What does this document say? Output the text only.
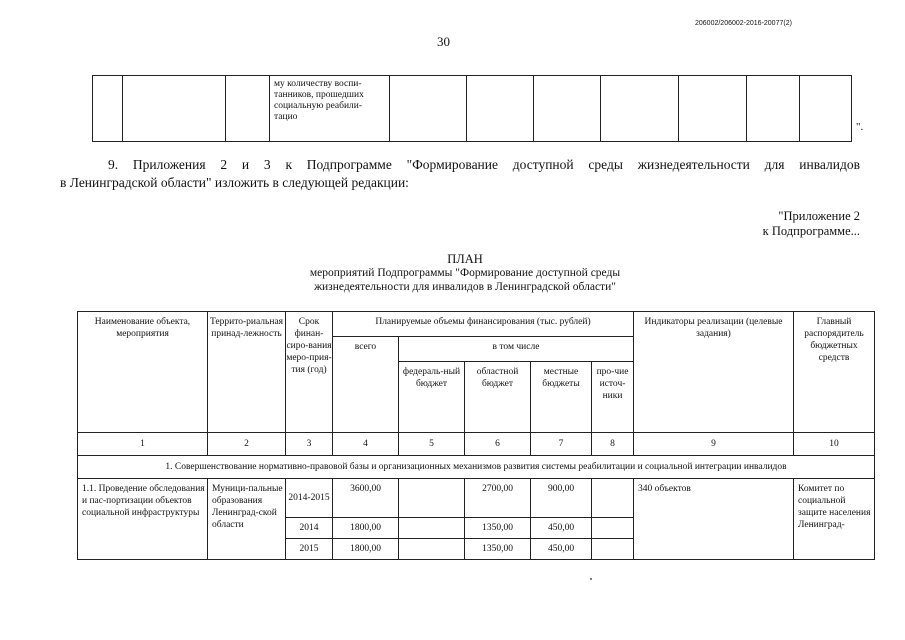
206002/206002-2016-20077(2)
30

му количеству воспи-
танников, прошедших
социальную реабили-
тацио

".
9. Приложения 2 и 3 к Подпрограмме "Формирование доступной среды жизнедеятельности для инвалидов
в Ленинградской области" изложить в следующей редакции:
"Приложение 2
к Подпрограмме...
ПЛАН
мероприятий Подпрограммы "Формирование доступной среды
жизнедеятельности для инвалидов в Ленинградской области"
Наименование объекта, мероприятия	Террито-риальная принад-лежность	Срок финан-сиро-вания меро-прия-тия (год)	Планируемые объемы финансирования (тыс. рублей)					Индикаторы реализации (целевые задания)	Главный распорядитель бюджетных средств
			всего	в том числе					
				федераль-ный бюджет	областной бюджет	местные бюджеты	про-чие источ-ники		
1	2	3	4	5	6	7	8	9	10
1. Совершенствование нормативно-правовой базы и организационных механизмов развития системы реабилитации и социальной интеграции инвалидов									
1.1. Проведение обследования и пас-портизации объектов социальной инфраструктуры	Муници-пальные образования Ленинград-ской области	2014-2015	3600,00		2700,00	900,00		340 объектов	Комитет по социальной защите населения Ленинград-
		2014	1800,00		1350,00	450,00			
		2015	1800,00		1350,00	450,00			
